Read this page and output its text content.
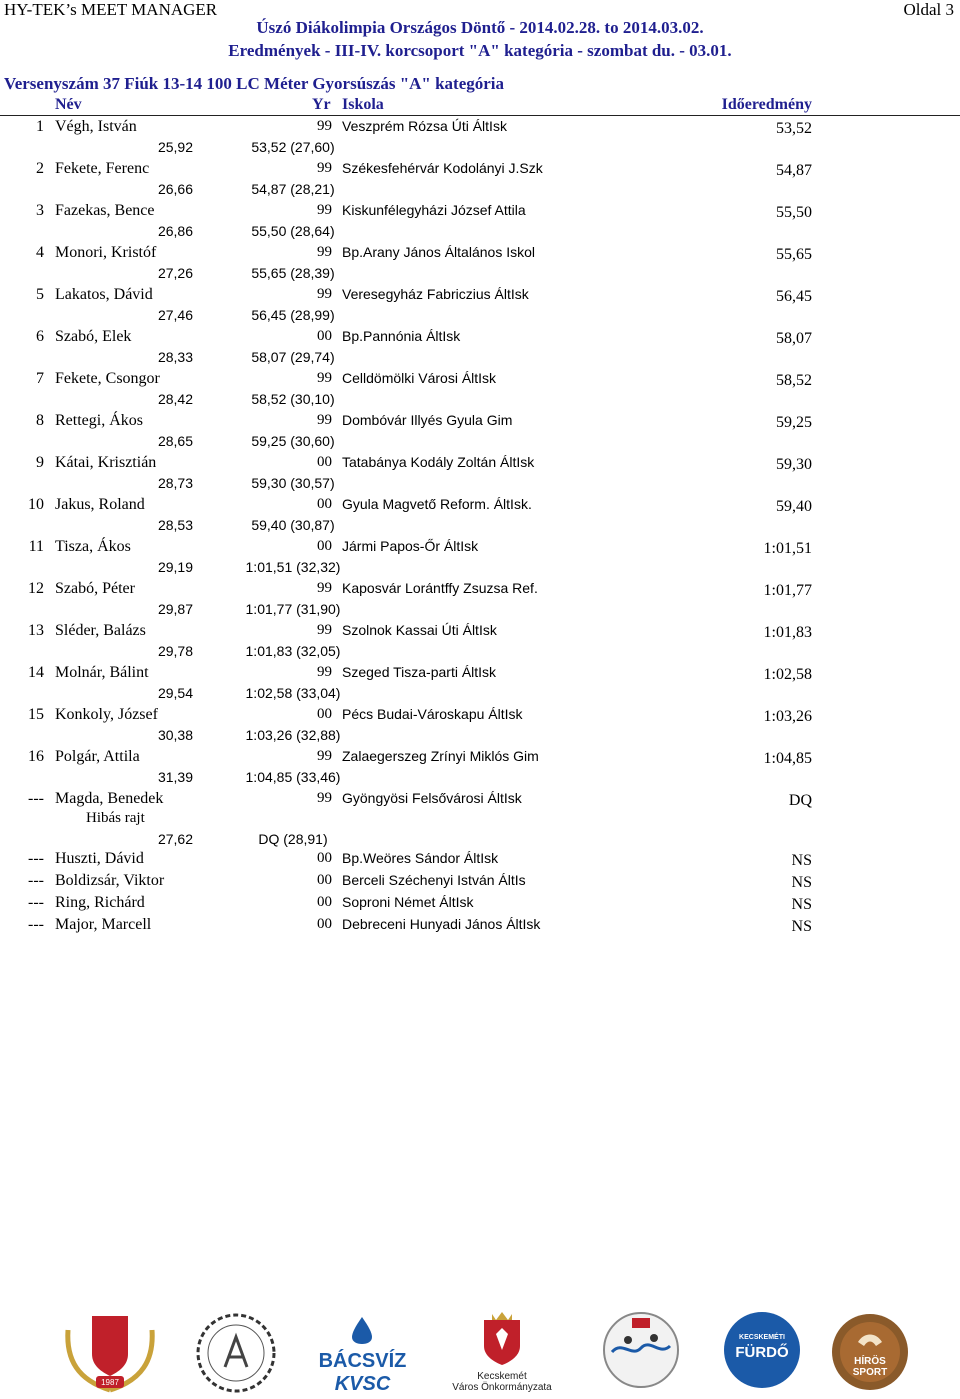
HY-TEK’s MEET MANAGER	Oldal 3
Úszó Diákolimpia Országos Döntő - 2014.02.28. to 2014.03.02.
Eredmények - III-IV. korcsoport "A" kategória - szombat du. - 03.01.
Versenyszám 37 Fiúk 13-14 100 LC Méter Gyorsúszás "A" kategória
Név	Yr Iskola	Időeredmény
1 Végh, István	99 Veszprém Rózsa Úti ÁltIsk	53,52
25,92	53,52 (27,60)
2 Fekete, Ferenc	99 Székesfehérvár Kodolányi J.Szk	54,87
26,66	54,87 (28,21)
3 Fazekas, Bence	99 Kiskunfélegyházi József Attila	55,50
26,86	55,50 (28,64)
4 Monori, Kristóf	99 Bp.Arany János Általános Iskol	55,65
27,26	55,65 (28,39)
5 Lakatos, Dávid	99 Veresegyház Fabriczius ÁltIsk	56,45
27,46	56,45 (28,99)
6 Szabó, Elek	00 Bp.Pannónia ÁltIsk	58,07
28,33	58,07 (29,74)
7 Fekete, Csongor	99 Celldömölki Városi ÁltIsk	58,52
28,42	58,52 (30,10)
8 Rettegi, Ákos	99 Dombóvár Illyés Gyula Gim	59,25
28,65	59,25 (30,60)
9 Kátai, Krisztián	00 Tatabánya Kodály Zoltán ÁltIsk	59,30
28,73	59,30 (30,57)
10 Jakus, Roland	00 Gyula Magvető Reform. ÁltIsk.	59,40
28,53	59,40 (30,87)
11 Tisza, Ákos	00 Jármi Papos-Őr ÁltIsk	1:01,51
29,19	1:01,51 (32,32)
12 Szabó, Péter	99 Kaposvár Lorántffy Zsuzsa Ref.	1:01,77
29,87	1:01,77 (31,90)
13 Sléder, Balázs	99 Szolnok Kassai Úti ÁltIsk	1:01,83
29,78	1:01,83 (32,05)
14 Molnár, Bálint	99 Szeged Tisza-parti ÁltIsk	1:02,58
29,54	1:02,58 (33,04)
15 Konkoly, József	00 Pécs Budai-Városkapu ÁltIsk	1:03,26
30,38	1:03,26 (32,88)
16 Polgár, Attila	99 Zalaegerszeg Zrínyi Miklós Gim	1:04,85
31,39	1:04,85 (33,46)
--- Magda, Benedek	99 Gyöngyösi Felsővárosi ÁltIsk	DQ
Hibás rajt
27,62	DQ (28,91)
--- Huszti, Dávid	00 Bp.Weöres Sándor ÁltIsk	NS
--- Boldizsár, Viktor	00 Berceli Széchenyi István ÁltIs	NS
--- Ring, Richárd	00 Soproni Német ÁltIsk	NS
--- Major, Marcell	00 Debreceni Hunyadi János ÁltIsk	NS
1987
BÁCSVÍZ
KVSC	Kecskemét
Város Önkormányzata
KECSKEMÉTI
FÜRDŐ
HÍRÖS
SPORT
